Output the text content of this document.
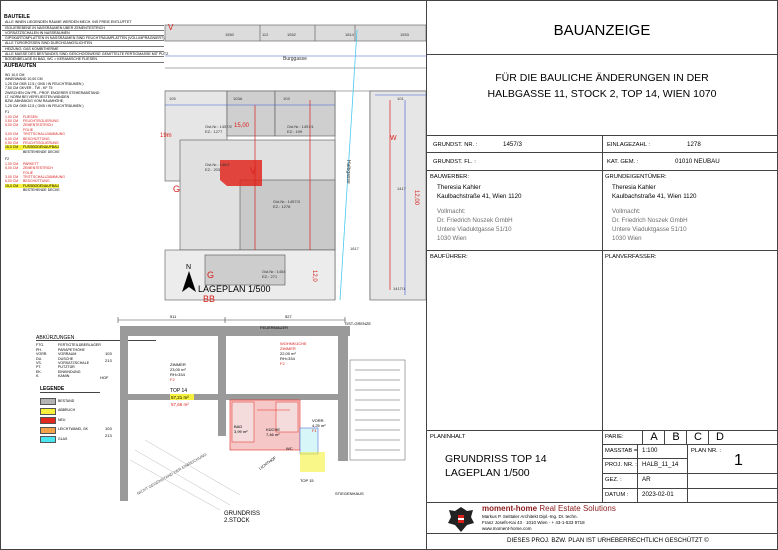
BAUTEILE
ALLE INNEN LIEGENDEN RÄUME WERDEN MECH. INS FREIE ENTLÜFTET
ISOLIEREBENE IN NASSRÄUMEN ÜBER ZEMENTESTRICH
VORSATZSCHALEN IN NASSRÄUMEN
GIPSKARTONPLATTEN IN NASSRÄUMEN SIND FEUCHTRAUMPLATTEN (VOLLIMPRÄGNIERT)
ALLE TÜRGRÖSSEN SIND DURCHGANGSLICHTEN
HEIZUNG: GAS KOMBITHERME
ALLE MASSE DES BESTANDES SIND GESCHOSSWEISE GEMITTELTE FERTIGMASSE MIT PUTZ
BODENBELAGE IN BAD, WC = KERAMISCHE FLIESEN
AUFBAUTEN
W1 10,0 CM
INNENWAND 10,00 CM
1,25 CM GKB 12,5 ( GKB i IN FEUCHTRÄUMEN )
7,50 CM GKVER - TW - KF 75
ZWISCHEN CW PR.- PROF. ENGERER STEHERABSTAND
LT. NORM BEI VERFLIESTEN WÄNDEN
BZW. ABHÄNGIG VOM RAUMHÖHE,
1,25 CM GKB 12,5 ( GKB i IN FEUCHTRÄUMEN )
F1
1,00 CM FLIESEN
0,50 CM FEUCHTISOLIERUNG
5,00 CM ZEMENTESTRICH
FOLIE
3,00 CM TRITTSCHALLDÄMMUNG
6,00 CM BESCHÜTTUNG
0,50 CM FEUCHTISOLIERUNG
16,0 CM FUSSBODENAUFBAU
BESTEHENDE DECKE
F2
1,00 CM PARKETT
5,00 CM ZEMENTESTRICH
FOLIE
3,00 CM TRITTSCHALLDÄMMUNG
6,00 CM BESCHÜTTUNG
15,0 CM FUSSBODENAUFBAU
BESTEHENDE DECKE
1550	112	1552	1814	1553
105	103A	103	101
Gst.Nr.: 1457/2
EZ.: 1277
Gst.Nr.: 1457/1
EZ.: 199
Gst.Nr.: 146/1
EZ.: 203
Gst.Nr.: 1457/3
EZ.: 1278
Gst.Nr.: 1454
EZ.: 271
1417
1417/1
1817
Burggasse
Halbgasse
15,00
19m
12,00
12,0
G
W
V
BB
G
V
N
LAGEPLAN 1/500
ABKÜRZUNGEN
FTG.	FERTIGTEILÜBERLAGER
PH.	PARAPETHÖHE
VORR.	VORRAUM
DU.	DUSCHE
VS.	VORSATZSCHALE
PT.	PUTZTÜR
EK.	EINKINDUNG
K.	KAMIN	HOF
LEGENDE
BESTAND
ABBRUCH
NEU
LEICHTWAND, GK
GLAS
511	527
103
213
103
213
FEUERMAUER
GST-GRENZE
ZIMMER
23,00 m²
RH=334
F2
WOHNKÜCHE
ZIMMER
22,00 m²
RH=334
F2
TOP 14
KÜCHE
7,46 m²
BAD
3,99 m²
VORR.
4,25 m²
F1
WC
STIEGENHAUS
TOP 15
LICHTHOF
NICHT GEGENSTAND DER EINREICHUNG
57,21 m²
57,66 m²
GRUNDRISS
2.STOCK
BAUANZEIGE
FÜR DIE BAULICHE ÄNDERUNGEN IN DER
HALBGASSE 11, STOCK 2, TOP 14, WIEN 1070
GRUNDST. NR. :	1457/3	EINLAGEZAHL :	1278
GRUNDST. FL. :	KAT. GEM. :	01010 NEUBAU
BAUWERBER:
Theresia Kahler
Kaulbachstraße 41, Wien 1120
Vollmacht:
Dr. Friedrich Noszek GmbH
Untere Viaduktgasse 51/10
1030 Wien
GRUNDEIGENTÜMER:
Theresia Kahler
Kaulbachstraße 41, Wien 1120
Vollmacht:
Dr. Friedrich Noszek GmbH
Untere Viaduktgasse 51/10
1030 Wien
BAUFÜHRER:	PLANVERFASSER:
PLANINHALT
GRUNDRISS TOP 14
LAGEPLAN 1/500
PARIE:	A	B	C	D
MASSTAB = 1:100	PLAN NR. :
1
PROJ. NR. : HALB_11_14
GEZ. :	AR
DATUM : 2023-02-01
moment-home Real Estate Solutions
Markus P. Seittaler Architekt Dipl.-Ing. Dr. techn.
Franz Josefs-Kai 43 · 1010 Wien · + 43-1-533 9718
www.moment-home.com
DIESES PROJ. BZW. PLAN IST URHEBERRECHTLICH GESCHÜTZT ©
